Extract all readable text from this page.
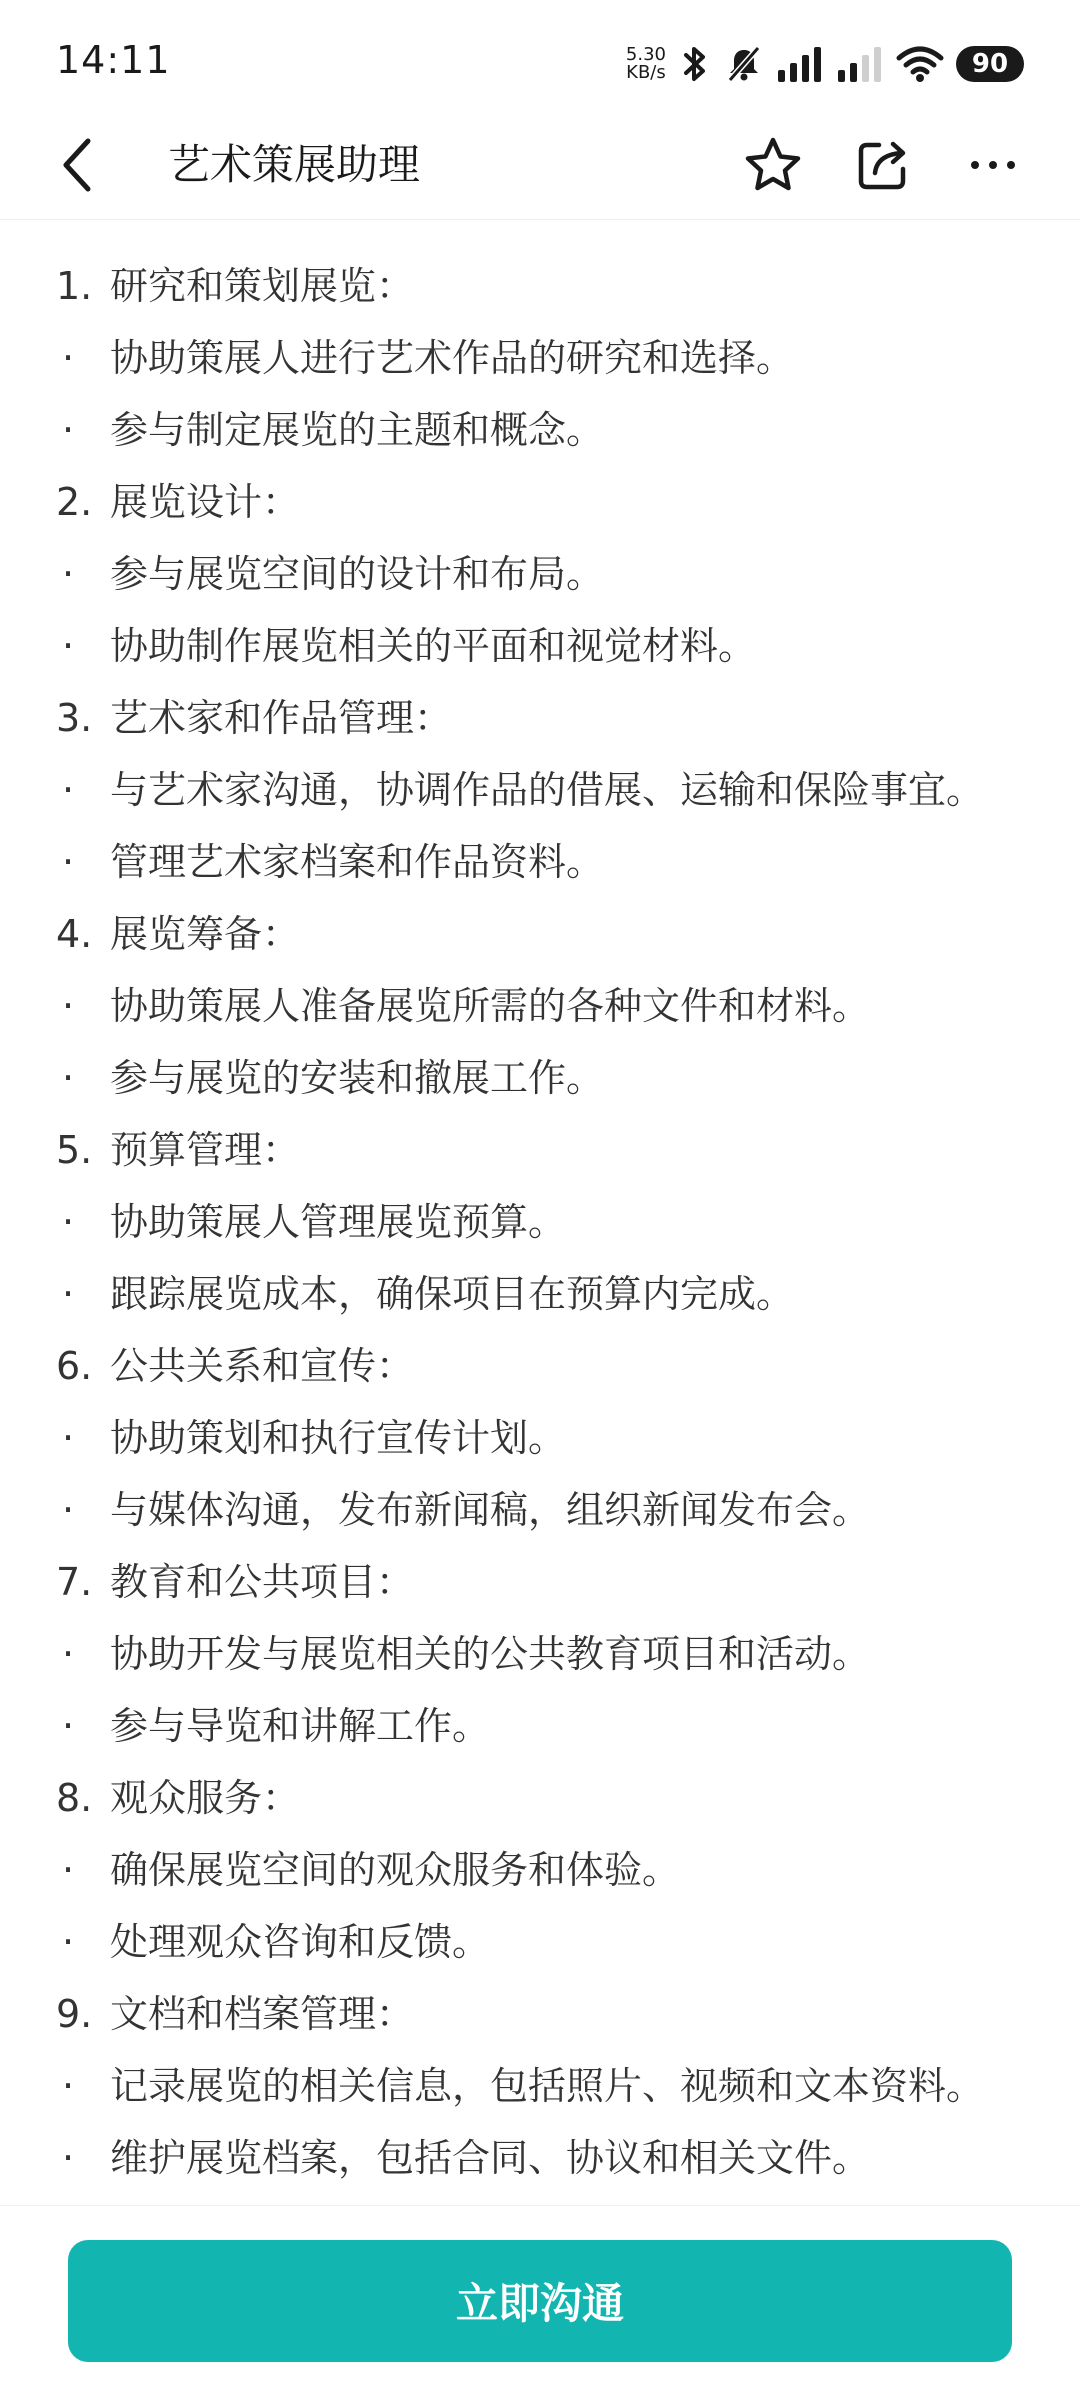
14:11	5.30
KB/s	90
艺术策展助理
1. 研究和策划展览：
· 协助策展人进行艺术作品的研究和选择。
· 参与制定展览的主题和概念。
2. 展览设计：
· 参与展览空间的设计和布局。
· 协助制作展览相关的平面和视觉材料。
3. 艺术家和作品管理：
· 与艺术家沟通，协调作品的借展、运输和保险事宜。
· 管理艺术家档案和作品资料。
4. 展览筹备：
· 协助策展人准备展览所需的各种文件和材料。
· 参与展览的安装和撤展工作。
5. 预算管理：
· 协助策展人管理展览预算。
· 跟踪展览成本，确保项目在预算内完成。
6. 公共关系和宣传：
· 协助策划和执行宣传计划。
· 与媒体沟通，发布新闻稿，组织新闻发布会。
7. 教育和公共项目：
· 协助开发与展览相关的公共教育项目和活动。
· 参与导览和讲解工作。
8. 观众服务：
· 确保展览空间的观众服务和体验。
· 处理观众咨询和反馈。
9. 文档和档案管理：
· 记录展览的相关信息，包括照片、视频和文本资料。
· 维护展览档案，包括合同、协议和相关文件。
立即沟通
